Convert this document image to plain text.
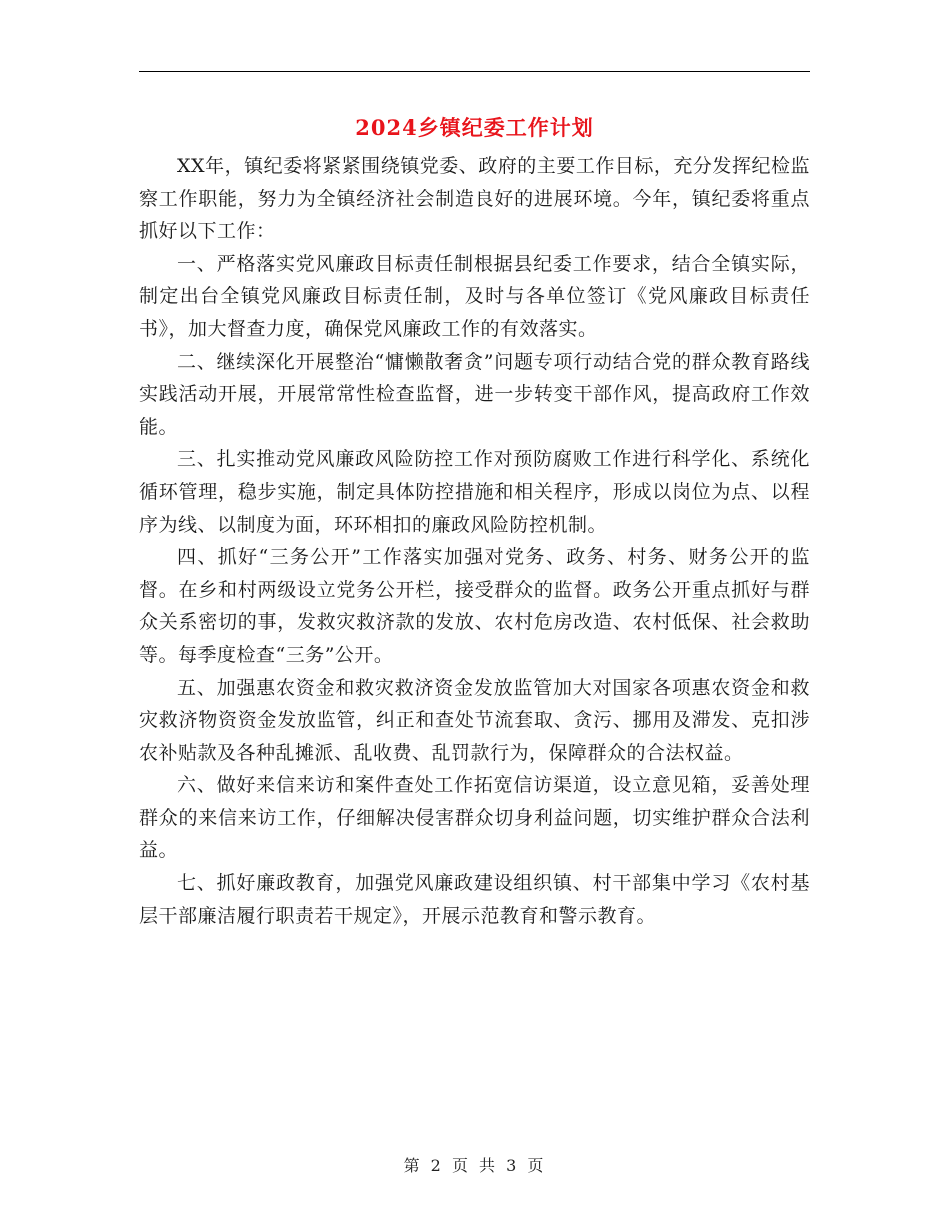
2024乡镇纪委工作计划

XX年，镇纪委将紧紧围绕镇党委、政府的主要工作目标，充分发挥纪检监察工作职能，努力为全镇经济社会制造良好的进展环境。今年，镇纪委将重点抓好以下工作：

一、严格落实党风廉政目标责任制根据县纪委工作要求，结合全镇实际，制定出台全镇党风廉政目标责任制，及时与各单位签订《党风廉政目标责任书》，加大督查力度，确保党风廉政工作的有效落实。

二、继续深化开展整治“慵懒散奢贪”问题专项行动结合党的群众教育路线实践活动开展，开展常常性检查监督，进一步转变干部作风，提高政府工作效能。

三、扎实推动党风廉政风险防控工作对预防腐败工作进行科学化、系统化循环管理，稳步实施，制定具体防控措施和相关程序，形成以岗位为点、以程序为线、以制度为面，环环相扣的廉政风险防控机制。

四、抓好“三务公开”工作落实加强对党务、政务、村务、财务公开的监督。在乡和村两级设立党务公开栏，接受群众的监督。政务公开重点抓好与群众关系密切的事，发救灾救济款的发放、农村危房改造、农村低保、社会救助等。每季度检查“三务”公开。

五、加强惠农资金和救灾救济资金发放监管加大对国家各项惠农资金和救灾救济物资资金发放监管，纠正和查处节流套取、贪污、挪用及滞发、克扣涉农补贴款及各种乱摊派、乱收费、乱罚款行为，保障群众的合法权益。

六、做好来信来访和案件查处工作拓宽信访渠道，设立意见箱，妥善处理群众的来信来访工作，仔细解决侵害群众切身利益问题，切实维护群众合法利益。

七、抓好廉政教育，加强党风廉政建设组织镇、村干部集中学习《农村基层干部廉洁履行职责若干规定》，开展示范教育和警示教育。

第 2 页 共 3 页
